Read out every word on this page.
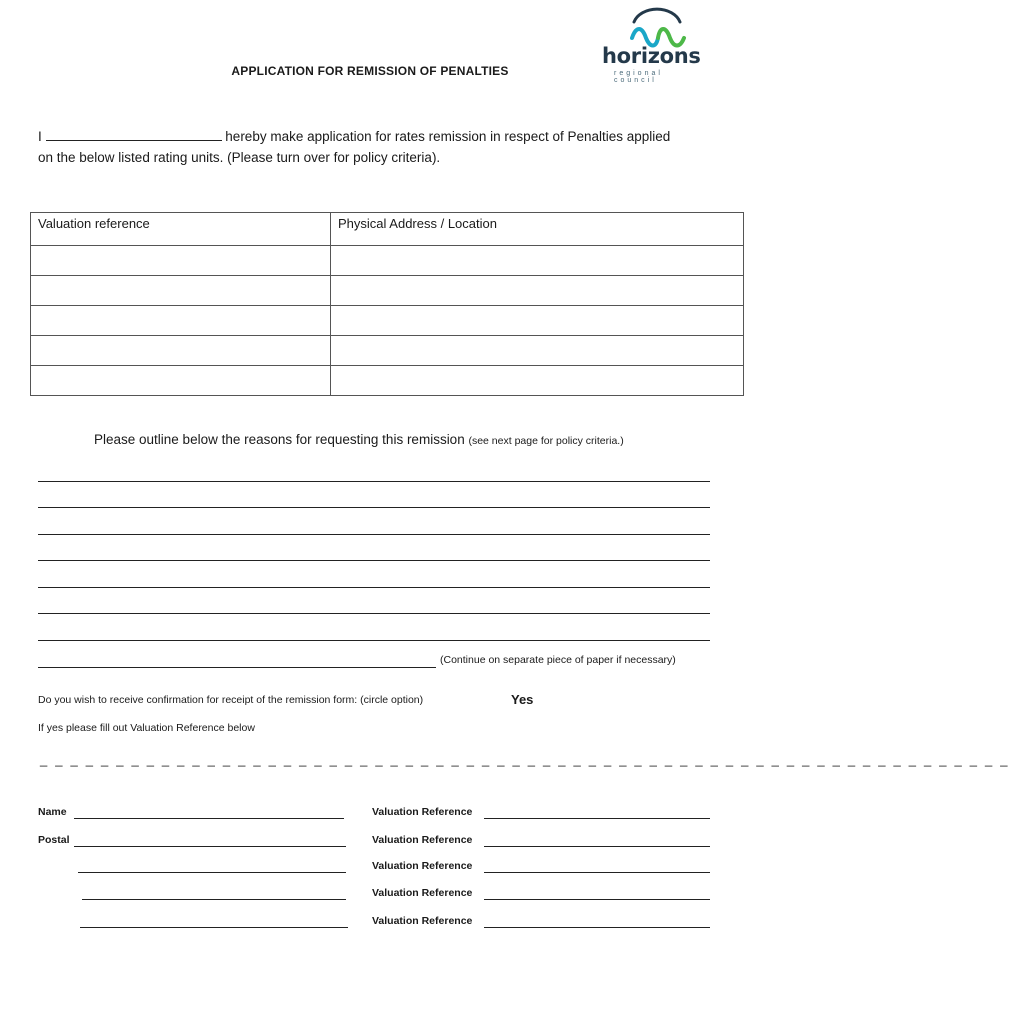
horizons
regional council
APPLICATION FOR REMISSION OF PENALTIES
I	hereby make application for rates remission in respect of Penalties applied
on the below listed rating units. (Please turn over for policy criteria).
Valuation reference	Physical Address / Location

Please outline below the reasons for requesting this remission (see next page for policy criteria.)
(Continue on separate piece of paper if necessary)
Do you wish to receive confirmation for receipt of the remission form: (circle option)	Yes
If yes please fill out Valuation Reference below
_ _ _ _ _ _ _ _ _ _ _ _ _ _ _ _ _ _ _ _ _ _ _ _ _ _ _ _ _ _ _ _ _ _ _ _ _ _ _ _ _ _ _ _ _ _ _ _ _ _ _ _ _ _ _ _ _ _ _ _ _ _ _ _
Name
Postal
Valuation Reference
Valuation Reference
Valuation Reference
Valuation Reference
Valuation Reference
